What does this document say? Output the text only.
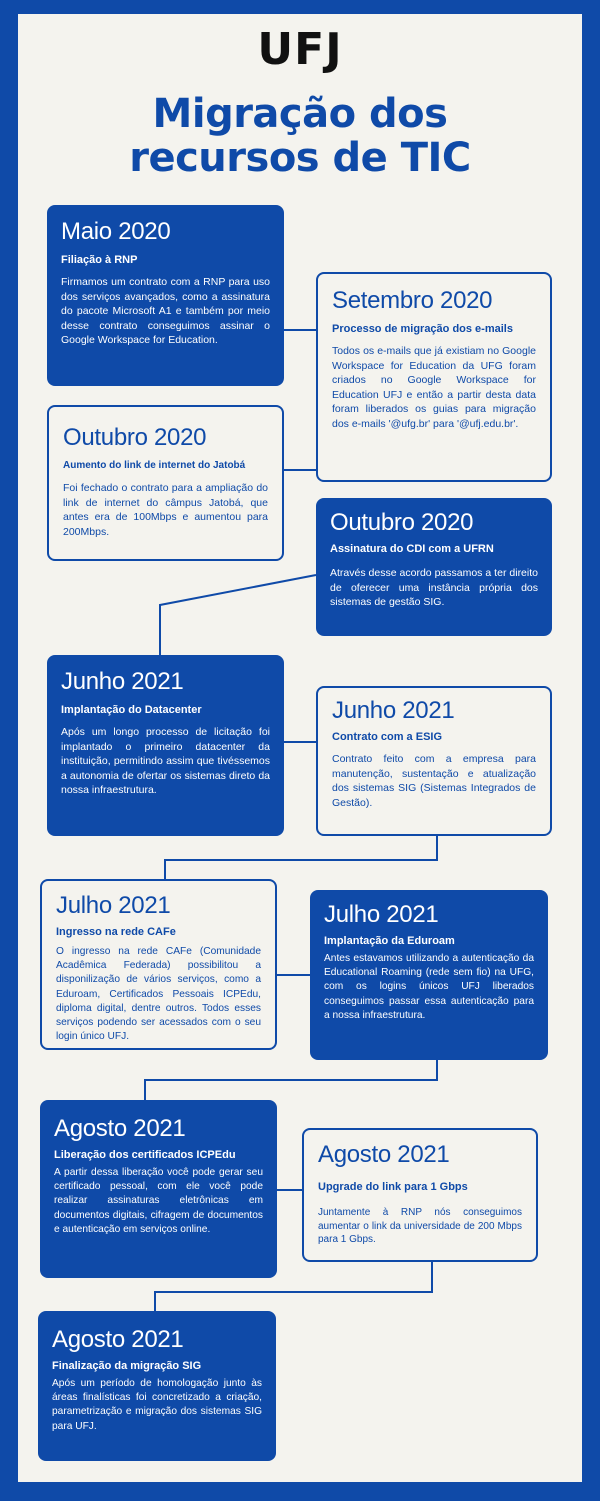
UFJ
Migração dos
recursos de TIC
Maio 2020
Filiação à RNP

Firmamos um contrato com a RNP para uso dos serviços avançados, como a assinatura do pacote Microsoft A1 e também por meio desse contrato conseguimos assinar o Google Workspace for Education.

Setembro 2020
Processo de migração dos e-mails

Todos os e-mails que já existiam no Google Workspace for Education da UFG foram criados no Google Workspace for Education UFJ e então a partir desta data foram liberados os guias para migração dos e-mails '@ufg.br' para '@ufj.edu.br'.

Outubro 2020
Aumento do link de internet do Jatobá

Foi fechado o contrato para a ampliação do link de internet do câmpus Jatobá, que antes era de 100Mbps e aumentou para 200Mbps.	Outubro 2020
Assinatura do CDI com a UFRN

Através desse acordo passamos a ter direito de oferecer uma instância própria dos sistemas de gestão SIG.

Junho 2021
Implantação do Datacenter

Após um longo processo de licitação foi implantado o primeiro datacenter da instituição, permitindo assim que tivéssemos a autonomia de ofertar os sistemas direto da nossa infraestrutura.

Junho 2021
Contrato com a ESIG

Contrato feito com a empresa para manutenção, sustentação e atualização dos sistemas SIG (Sistemas Integrados de Gestão).

Julho 2021
Ingresso na rede CAFe

O ingresso na rede CAFe (Comunidade Acadêmica Federada) possibilitou a disponilização de vários serviços, como a Eduroam, Certificados Pessoais ICPEdu, diploma digital, dentre outros. Todos esses serviços podendo ser acessados com o seu login único UFJ.

Julho 2021
Implantação da Eduroam

Antes estavamos utilizando a autenticação da Educational Roaming (rede sem fio) na UFG, com os logins únicos UFJ liberados conseguimos passar essa autenticação para a nossa infraestrutura.

Agosto 2021
Liberação dos certificados ICPEdu

A partir dessa liberação você pode gerar seu certificado pessoal, com ele você pode realizar assinaturas eletrônicas em documentos digitais, cifragem de documentos e autenticação em serviços online.

Agosto 2021
Upgrade do link para 1 Gbps

Juntamente à RNP nós conseguimos aumentar o link da universidade de 200 Mbps para 1 Gbps.

Agosto 2021
Finalização da migração SIG

Após um período de homologação junto às áreas finalísticas foi concretizado a criação, parametrização e migração dos sistemas SIG para UFJ.
